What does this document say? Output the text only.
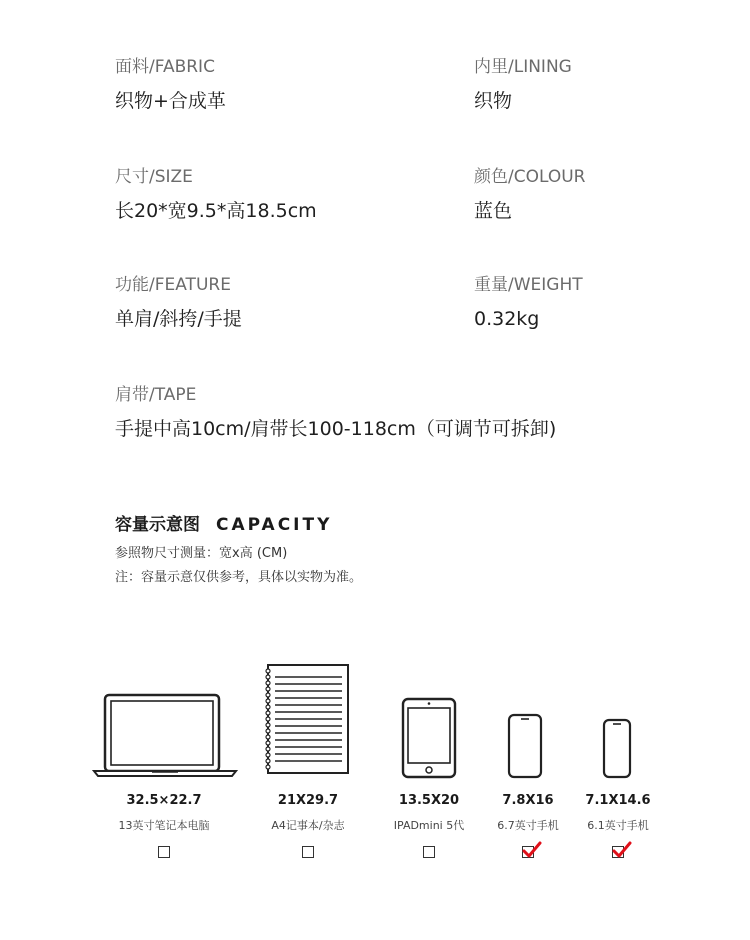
面料/FABRIC
织物+合成革
内里/LINING
织物
尺寸/SIZE
长20*宽9.5*高18.5cm
颜色/COLOUR
蓝色
功能/FEATURE
单肩/斜挎/手提
重量/WEIGHT
0.32kg
肩带/TAPE
手提中高10cm/肩带长100-118cm（可调节可拆卸)
容量示意图 CAPACITY
参照物尺寸测量：宽x高 (CM)
注：容量示意仅供参考，具体以实物为准。
32.5×22.7	21X29.7	13.5X20	7.8X16 7.1X14.6
13英寸笔记本电脑	A4记事本/杂志	IPADmini 5代	6.7英寸手机	6.1英寸手机
